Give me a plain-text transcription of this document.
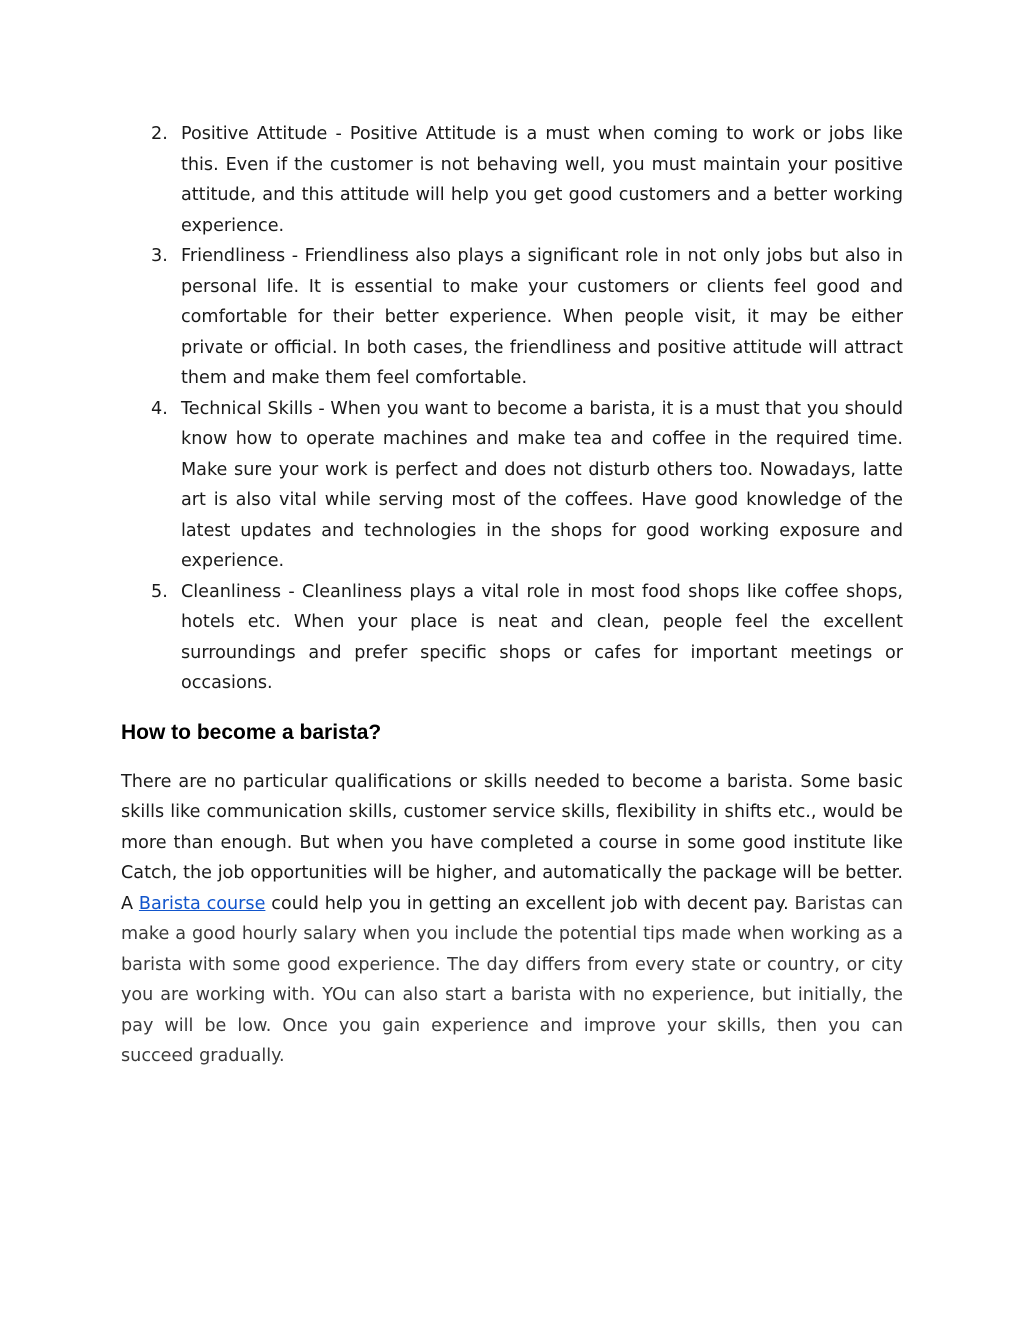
2. Positive Attitude - Positive Attitude is a must when coming to work or jobs like this. Even if the customer is not behaving well, you must maintain your positive attitude, and this attitude will help you get good customers and a better working experience.
3. Friendliness - Friendliness also plays a significant role in not only jobs but also in personal life. It is essential to make your customers or clients feel good and comfortable for their better experience. When people visit, it may be either private or official. In both cases, the friendliness and positive attitude will attract them and make them feel comfortable.
4. Technical Skills - When you want to become a barista, it is a must that you should know how to operate machines and make tea and coffee in the required time. Make sure your work is perfect and does not disturb others too. Nowadays, latte art is also vital while serving most of the coffees. Have good knowledge of the latest updates and technologies in the shops for good working exposure and experience.
5. Cleanliness - Cleanliness plays a vital role in most food shops like coffee shops, hotels etc. When your place is neat and clean, people feel the excellent surroundings and prefer specific shops or cafes for important meetings or occasions.
How to become a barista?

There are no particular qualifications or skills needed to become a barista. Some basic skills like communication skills, customer service skills, flexibility in shifts etc., would be more than enough. But when you have completed a course in some good institute like Catch, the job opportunities will be higher, and automatically the package will be better. A Barista course could help you in getting an excellent job with decent pay. Baristas can make a good hourly salary when you include the potential tips made when working as a barista with some good experience. The day differs from every state or country, or city you are working with. YOu can also start a barista with no experience, but initially, the pay will be low. Once you gain experience and improve your skills, then you can succeed gradually.
